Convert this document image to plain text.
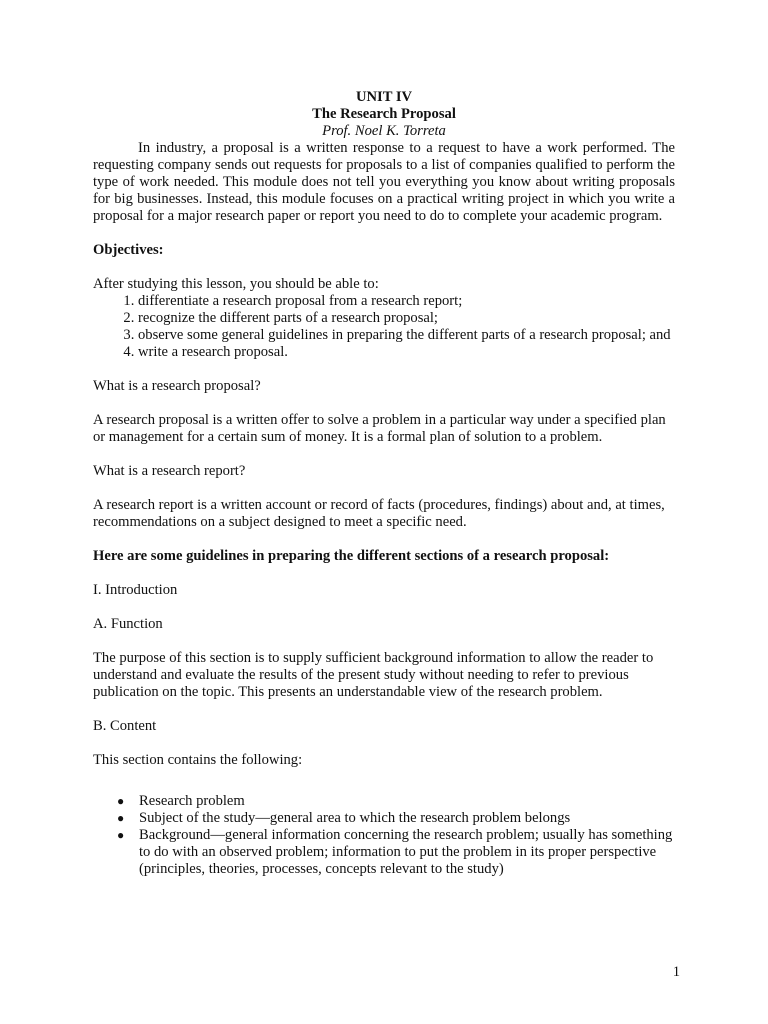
UNIT IV

The Research Proposal

Prof. Noel K. Torreta

In industry, a proposal is a written response to a request to have a work performed. The requesting company sends out requests for proposals to a list of companies qualified to perform the type of work needed. This module does not tell you everything you know about writing proposals for big businesses. Instead, this module focuses on a practical writing project in which you write a proposal for a major research paper or report you need to do to complete your academic program.

Objectives:

After studying this lesson, you should be able to:

1. differentiate a research proposal from a research report;
2. recognize the different parts of a research proposal;
3. observe some general guidelines in preparing the different parts of a research proposal; and
4. write a research proposal.

What is a research proposal?

A research proposal is a written offer to solve a problem in a particular way under a specified plan or management for a certain sum of money. It is a formal plan of solution to a problem.

What is a research report?

A research report is a written account or record of facts (procedures, findings) about and, at times, recommendations on a subject designed to meet a specific need.

Here are some guidelines in preparing the different sections of a research proposal:

I. Introduction

A. Function

The purpose of this section is to supply sufficient background information to allow the reader to understand and evaluate the results of the present study without needing to refer to previous publication on the topic. This presents an understandable view of the research problem.

B. Content

This section contains the following:

● Research problem
● Subject of the study—general area to which the research problem belongs
● Background—general information concerning the research problem; usually has something to do with an observed problem; information to put the problem in its proper perspective (principles, theories, processes, concepts relevant to the study)
1
